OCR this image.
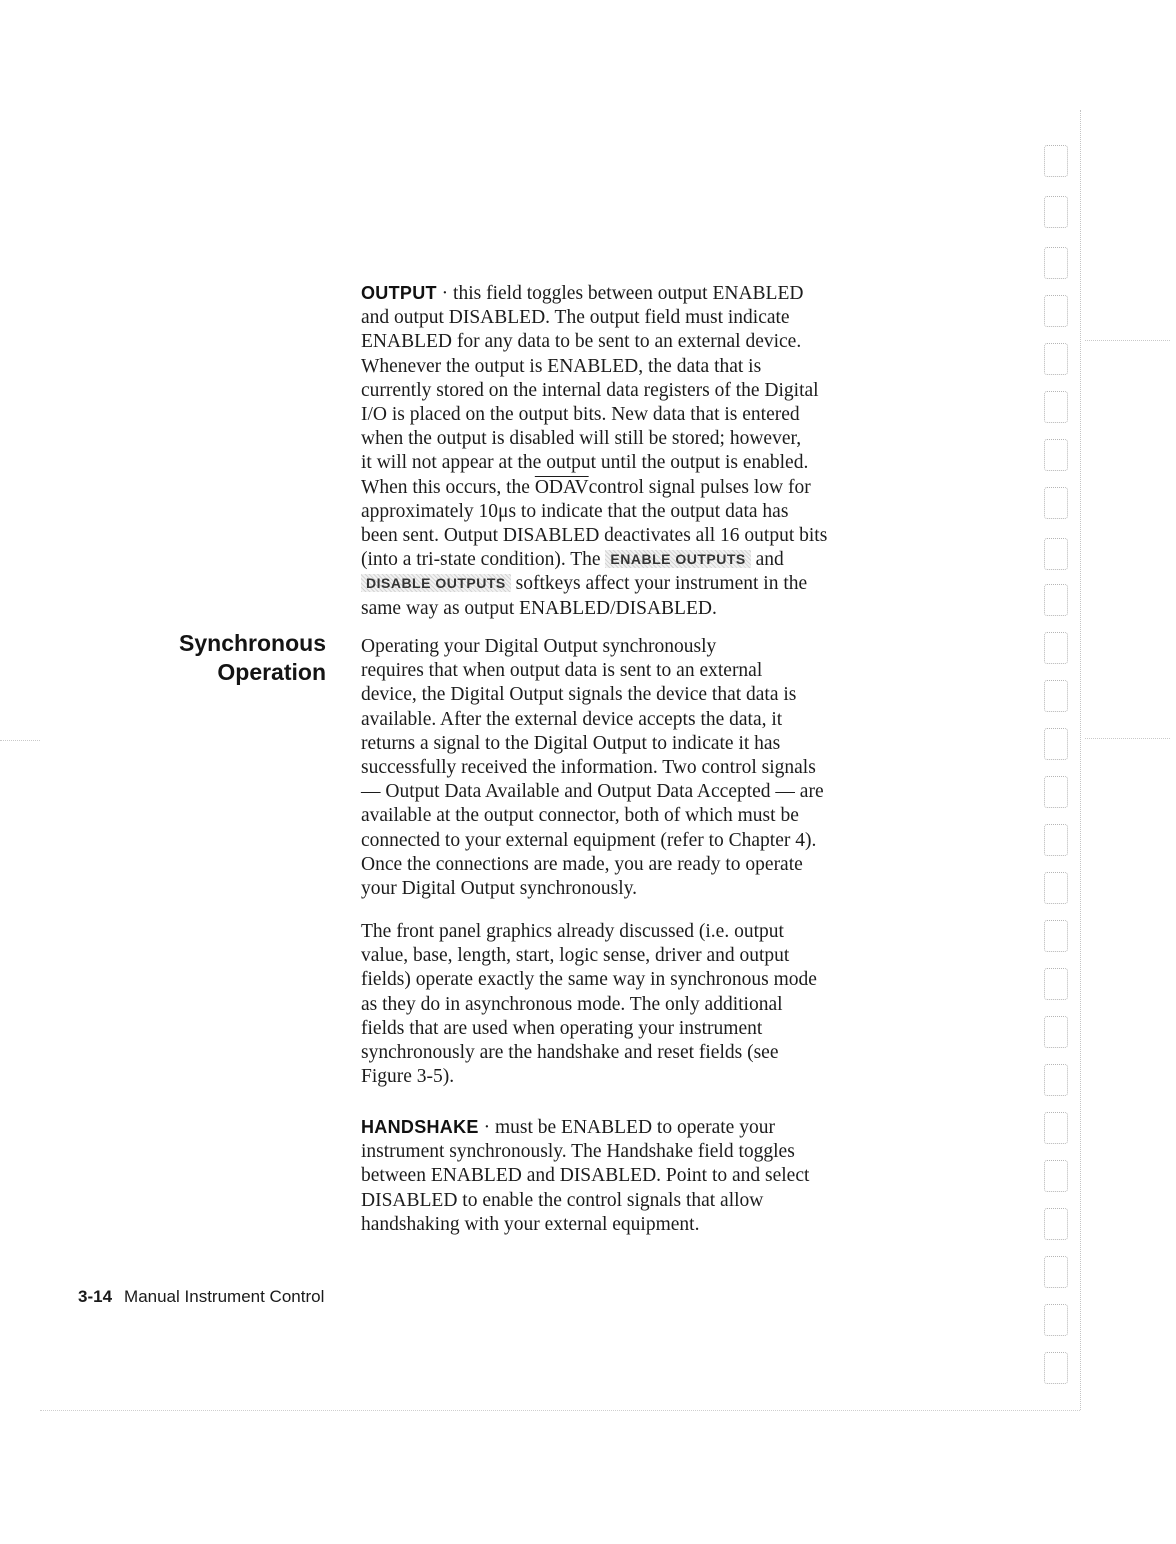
OUTPUT · this field toggles between output ENABLED
and output DISABLED. The output field must indicate
ENABLED for any data to be sent to an external device.
Whenever the output is ENABLED, the data that is
currently stored on the internal data registers of the Digital
I/O is placed on the output bits. New data that is entered
when the output is disabled will still be stored; however,
it will not appear at the output until the output is enabled.
When this occurs, the ODAVcontrol signal pulses low for
approximately 10μs to indicate that the output data has
been sent. Output DISABLED deactivates all 16 output bits
(into a tri-state condition). The ENABLE OUTPUTS and
DISABLE OUTPUTS softkeys affect your instrument in the
same way as output ENABLED/DISABLED.
Synchronous
Operation
Operating your Digital Output synchronously
requires that when output data is sent to an external
device, the Digital Output signals the device that data is
available. After the external device accepts the data, it
returns a signal to the Digital Output to indicate it has
successfully received the information. Two control signals
— Output Data Available and Output Data Accepted — are
available at the output connector, both of which must be
connected to your external equipment (refer to Chapter 4).
Once the connections are made, you are ready to operate
your Digital Output synchronously.
The front panel graphics already discussed (i.e. output
value, base, length, start, logic sense, driver and output
fields) operate exactly the same way in synchronous mode
as they do in asynchronous mode. The only additional
fields that are used when operating your instrument
synchronously are the handshake and reset fields (see
Figure 3-5).
HANDSHAKE · must be ENABLED to operate your
instrument synchronously. The Handshake field toggles
between ENABLED and DISABLED. Point to and select
DISABLED to enable the control signals that allow
handshaking with your external equipment.
3-14 Manual Instrument Control
